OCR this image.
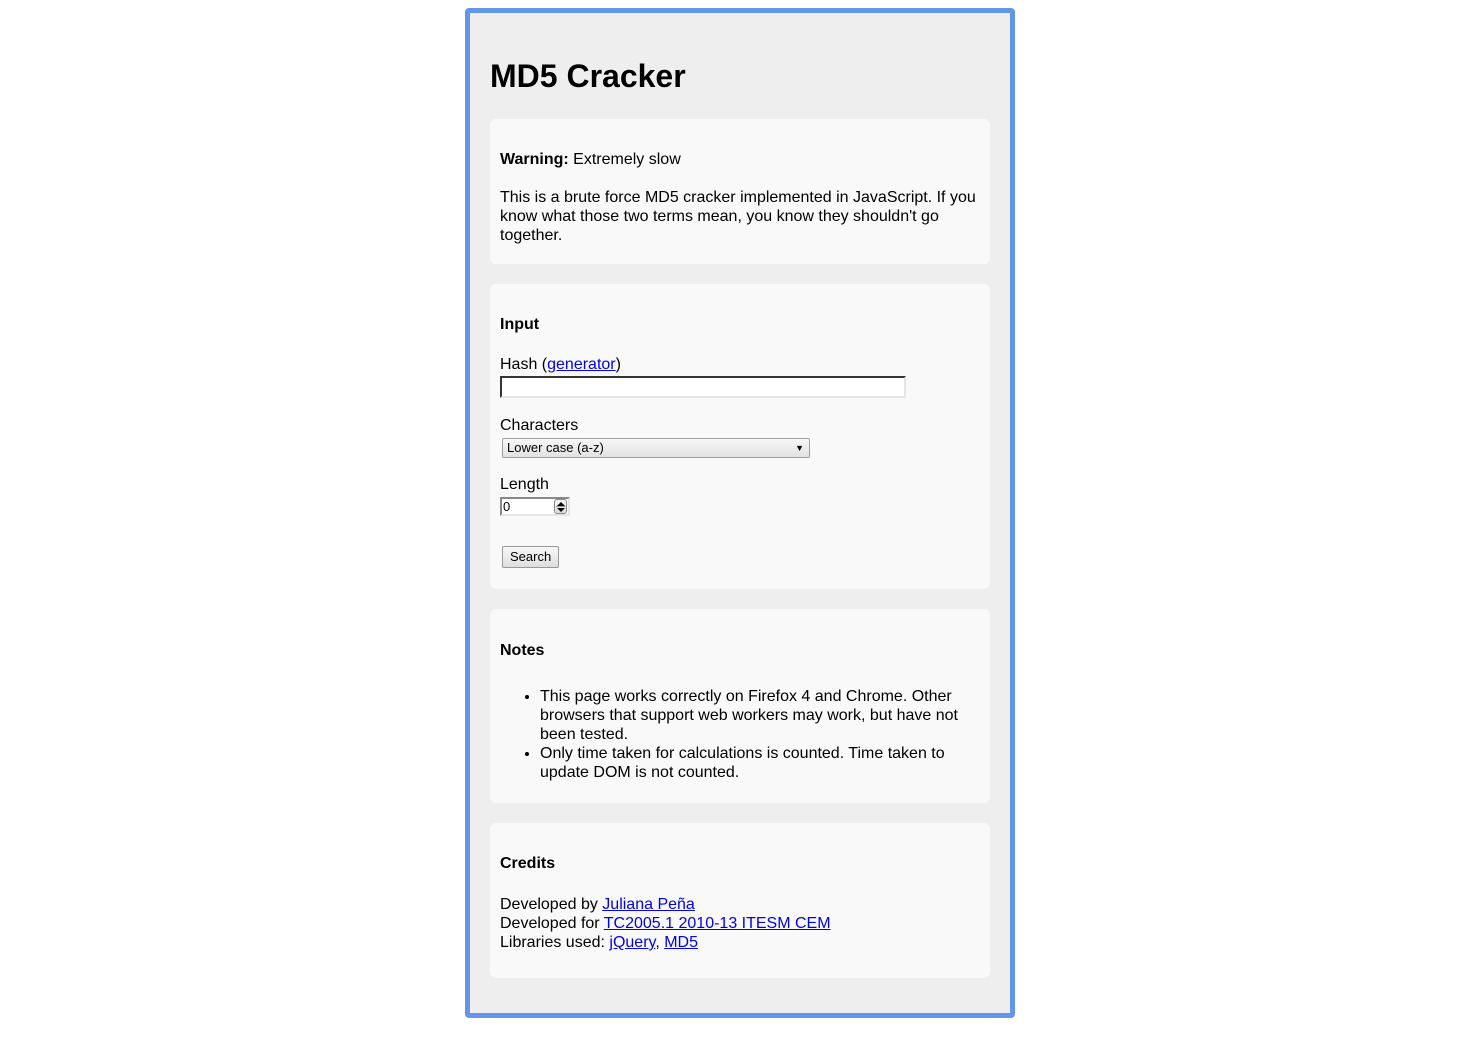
MD5 Cracker
Warning: Extremely slow

This is a brute force MD5 cracker implemented in JavaScript. If you know what those two terms mean, you know they shouldn't go together.

Input
Hash (generator)
Characters
Lower case (a-z)	▼
Length
0
Search
Notes
• This page works correctly on Firefox 4 and Chrome. Other browsers that support web workers may work, but have not been tested.
• Only time taken for calculations is counted. Time taken to update DOM is not counted.
Credits
Developed by Juliana Peña
Developed for TC2005.1 2010-13 ITESM CEM
Libraries used: jQuery, MD5
